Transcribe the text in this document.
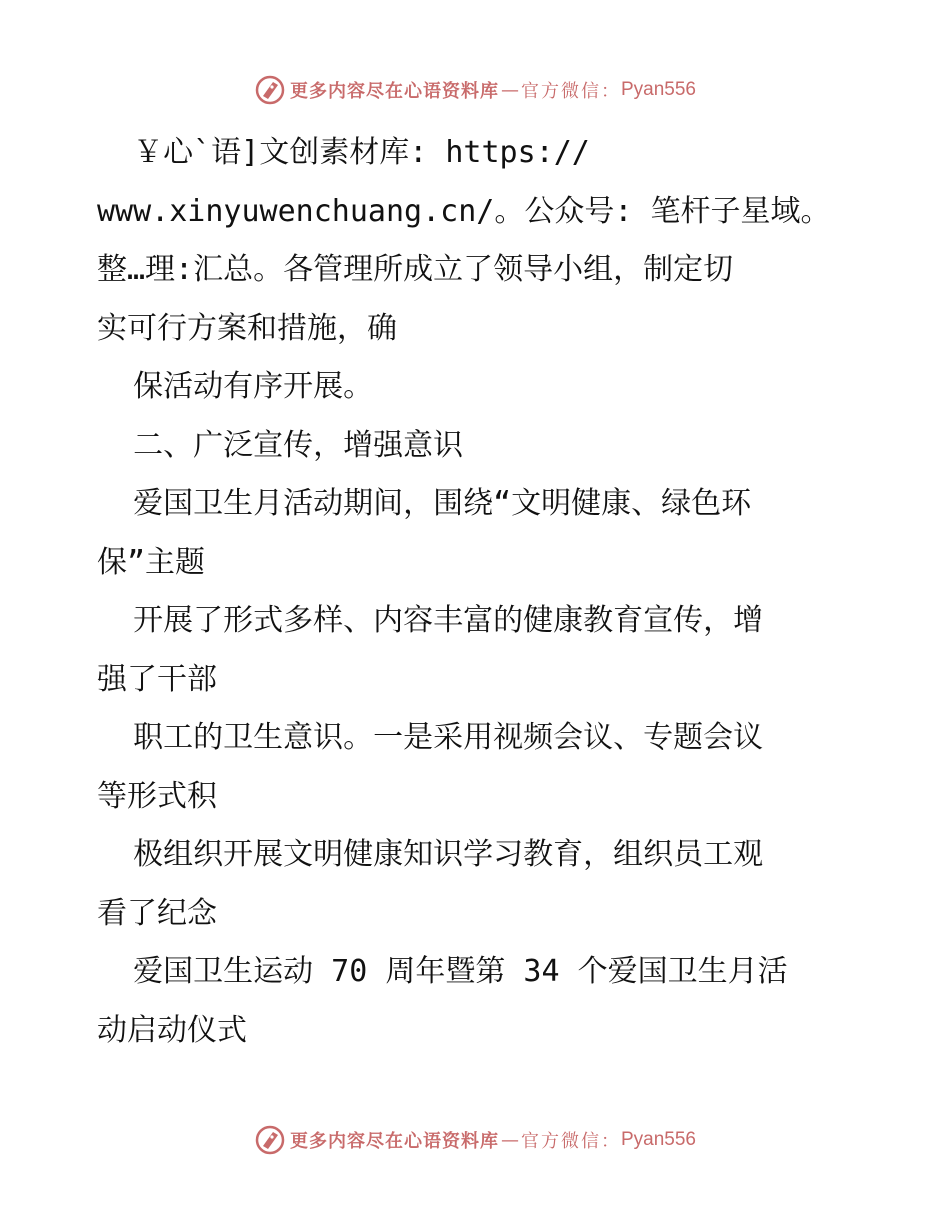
更多内容尽在心语资料库 — 官方微信： Pyan556

￥心`语]文创素材库: https://

www.xinyuwenchuang.cn/。公众号: 笔杆子星域。

整…理:汇总。各管理所成立了领导小组，制定切

实可行方案和措施，确

保活动有序开展。

二、广泛宣传，增强意识

爱国卫生月活动期间，围绕“文明健康、绿色环

保”主题

开展了形式多样、内容丰富的健康教育宣传，增

强了干部

职工的卫生意识。一是采用视频会议、专题会议

等形式积

极组织开展文明健康知识学习教育，组织员工观

看了纪念

爱国卫生运动 70 周年暨第 34 个爱国卫生月活

动启动仪式

更多内容尽在心语资料库 — 官方微信： Pyan556
